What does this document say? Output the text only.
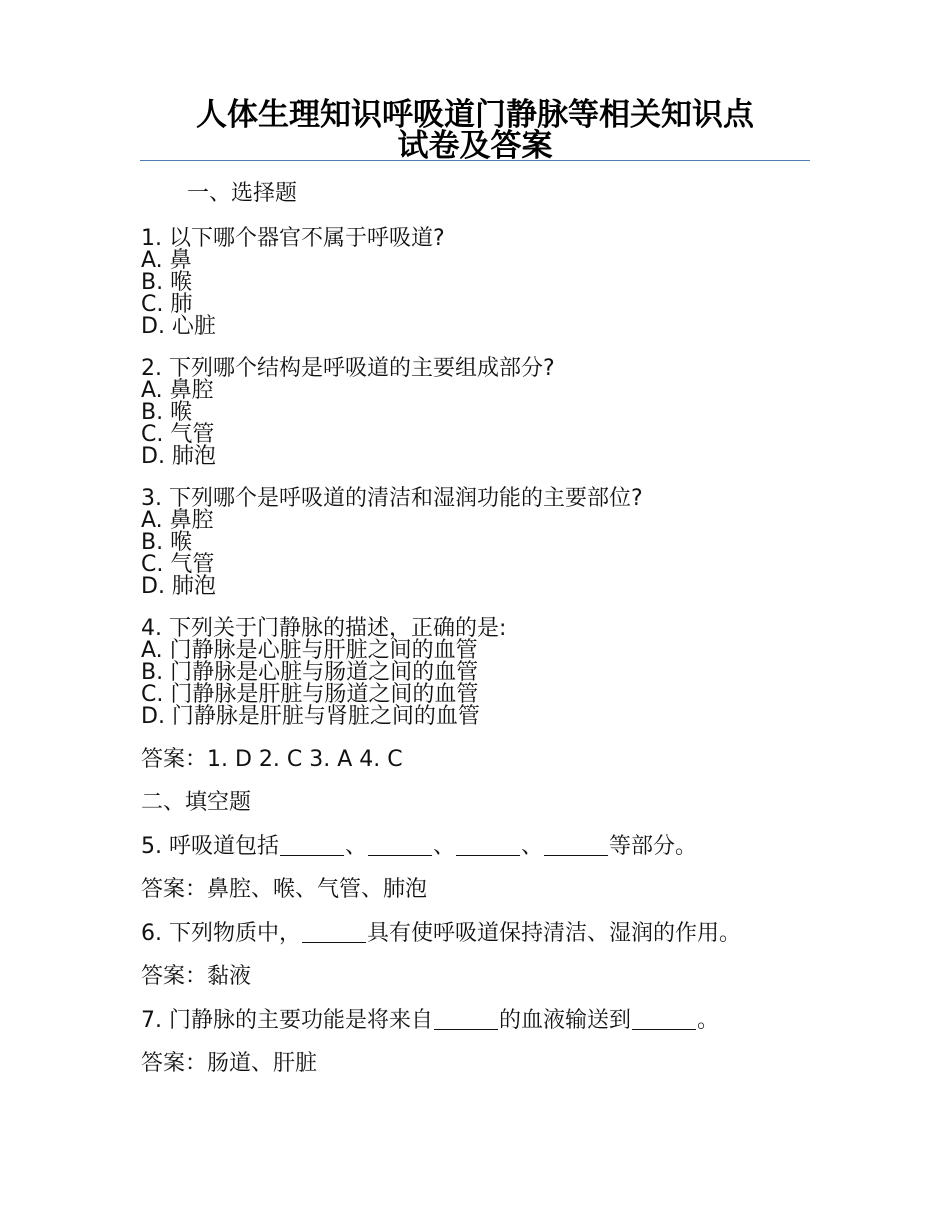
人体生理知识呼吸道门静脉等相关知识点
试卷及答案
一、选择题
1. 以下哪个器官不属于呼吸道?
A. 鼻
B. 喉
C. 肺
D. 心脏
2. 下列哪个结构是呼吸道的主要组成部分?
A. 鼻腔
B. 喉
C. 气管
D. 肺泡
3. 下列哪个是呼吸道的清洁和湿润功能的主要部位?
A. 鼻腔
B. 喉
C. 气管
D. 肺泡
4. 下列关于门静脉的描述，正确的是:
A. 门静脉是心脏与肝脏之间的血管
B. 门静脉是心脏与肠道之间的血管
C. 门静脉是肝脏与肠道之间的血管
D. 门静脉是肝脏与肾脏之间的血管
答案：1. D 2. C 3. A 4. C
二、填空题
5. 呼吸道包括	、	、	、	等部分。
答案：鼻腔、喉、气管、肺泡
6. 下列物质中，	具有使呼吸道保持清洁、湿润的作用。
答案：黏液
7. 门静脉的主要功能是将来自	的血液输送到	。
答案：肠道、肝脏
